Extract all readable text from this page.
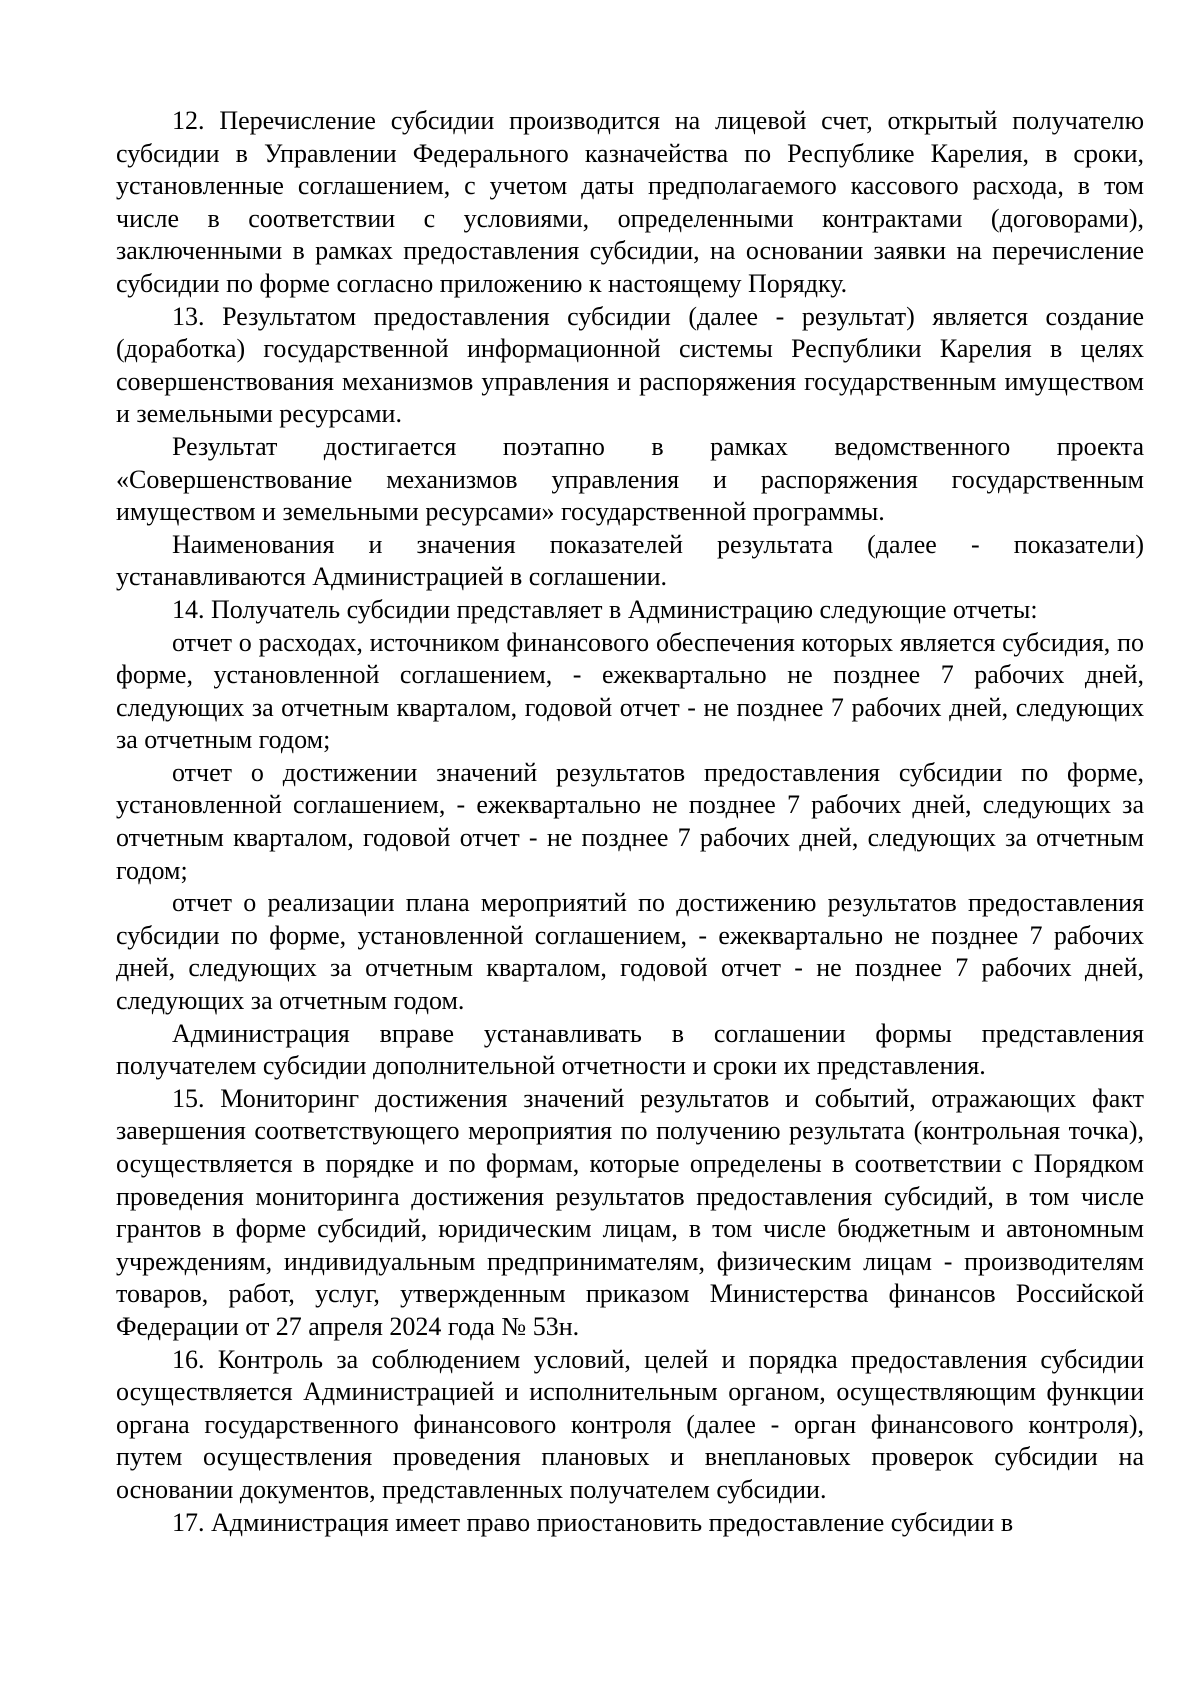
12. Перечисление субсидии производится на лицевой счет, открытый получателю субсидии в Управлении Федерального казначейства по Республике Карелия, в сроки, установленные соглашением, с учетом даты предполагаемого кассового расхода, в том числе в соответствии с условиями, определенными контрактами (договорами), заключенными в рамках предоставления субсидии, на основании заявки на перечисление субсидии по форме согласно приложению к настоящему Порядку.

13. Результатом предоставления субсидии (далее - результат) является создание (доработка) государственной информационной системы Республики Карелия в целях совершенствования механизмов управления и распоряжения государственным имуществом и земельными ресурсами.

Результат достигается поэтапно в рамках ведомственного проекта «Совершенствование механизмов управления и распоряжения государственным имуществом и земельными ресурсами» государственной программы.

Наименования и значения показателей результата (далее - показатели) устанавливаются Администрацией в соглашении.

14. Получатель субсидии представляет в Администрацию следующие отчеты:

отчет о расходах, источником финансового обеспечения которых является субсидия, по форме, установленной соглашением, - ежеквартально не позднее 7 рабочих дней, следующих за отчетным кварталом, годовой отчет - не позднее 7 рабочих дней, следующих за отчетным годом;

отчет о достижении значений результатов предоставления субсидии по форме, установленной соглашением, - ежеквартально не позднее 7 рабочих дней, следующих за отчетным кварталом, годовой отчет - не позднее 7 рабочих дней, следующих за отчетным годом;

отчет о реализации плана мероприятий по достижению результатов предоставления субсидии по форме, установленной соглашением, - ежеквартально не позднее 7 рабочих дней, следующих за отчетным кварталом, годовой отчет - не позднее 7 рабочих дней, следующих за отчетным годом.

Администрация вправе устанавливать в соглашении формы представления получателем субсидии дополнительной отчетности и сроки их представления.

15. Мониторинг достижения значений результатов и событий, отражающих факт завершения соответствующего мероприятия по получению результата (контрольная точка), осуществляется в порядке и по формам, которые определены в соответствии с Порядком проведения мониторинга достижения результатов предоставления субсидий, в том числе грантов в форме субсидий, юридическим лицам, в том числе бюджетным и автономным учреждениям, индивидуальным предпринимателям, физическим лицам - производителям товаров, работ, услуг, утвержденным приказом Министерства финансов Российской Федерации от 27 апреля 2024 года № 53н.

16. Контроль за соблюдением условий, целей и порядка предоставления субсидии осуществляется Администрацией и исполнительным органом, осуществляющим функции органа государственного финансового контроля (далее - орган финансового контроля), путем осуществления проведения плановых и внеплановых проверок субсидии на основании документов, представленных получателем субсидии.

17. Администрация имеет право приостановить предоставление субсидии в
